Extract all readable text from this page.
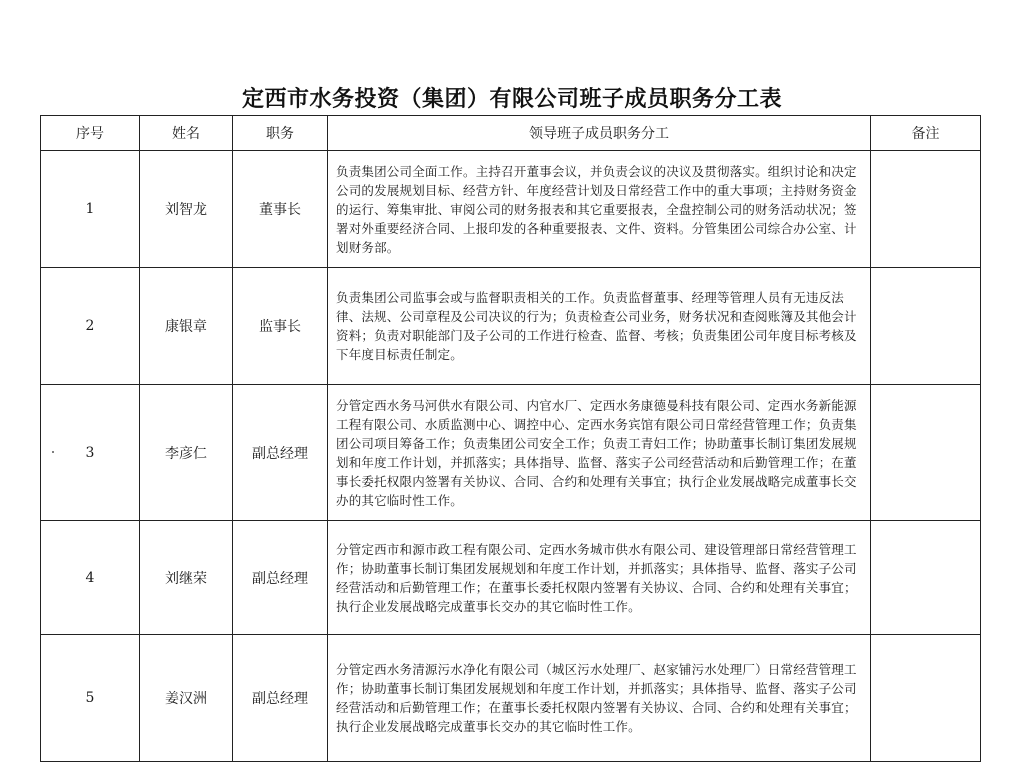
定西市水务投资（集团）有限公司班子成员职务分工表
序号	姓名	职务	领导班子成员职务分工	备注
1	刘智龙	董事长	负责集团公司全面工作。主持召开董事会议，并负责会议的决议及贯彻落实。组织讨论和决定公司的发展规划目标、经营方针、年度经营计划及日常经营工作中的重大事项；主持财务资金的运行、筹集审批、审阅公司的财务报表和其它重要报表，全盘控制公司的财务活动状况；签署对外重要经济合同、上报印发的各种重要报表、文件、资料。分管集团公司综合办公室、计划财务部。	
2	康银章	监事长	负责集团公司监事会或与监督职责相关的工作。负责监督董事、经理等管理人员有无违反法律、法规、公司章程及公司决议的行为；负责检查公司业务，财务状况和查阅账簿及其他会计资料；负责对职能部门及子公司的工作进行检查、监督、考核；负责集团公司年度目标考核及下年度目标责任制定。	
3	李彦仁	副总经理	分管定西水务马河供水有限公司、内官水厂、定西水务康德曼科技有限公司、定西水务新能源工程有限公司、水质监测中心、调控中心、定西水务宾馆有限公司日常经营管理工作；负责集团公司项目筹备工作；负责集团公司安全工作；负责工青妇工作；协助董事长制订集团发展规划和年度工作计划，并抓落实；具体指导、监督、落实子公司经营活动和后勤管理工作；在董事长委托权限内签署有关协议、合同、合约和处理有关事宜；执行企业发展战略完成董事长交办的其它临时性工作。	
4	刘继荣	副总经理	分管定西市和源市政工程有限公司、定西水务城市供水有限公司、建设管理部日常经营管理工作；协助董事长制订集团发展规划和年度工作计划，并抓落实；具体指导、监督、落实子公司经营活动和后勤管理工作；在董事长委托权限内签署有关协议、合同、合约和处理有关事宜；执行企业发展战略完成董事长交办的其它临时性工作。	
5	姜汉洲	副总经理	分管定西水务清源污水净化有限公司（城区污水处理厂、赵家铺污水处理厂）日常经营管理工作；协助董事长制订集团发展规划和年度工作计划，并抓落实；具体指导、监督、落实子公司经营活动和后勤管理工作；在董事长委托权限内签署有关协议、合同、合约和处理有关事宜；执行企业发展战略完成董事长交办的其它临时性工作。	
